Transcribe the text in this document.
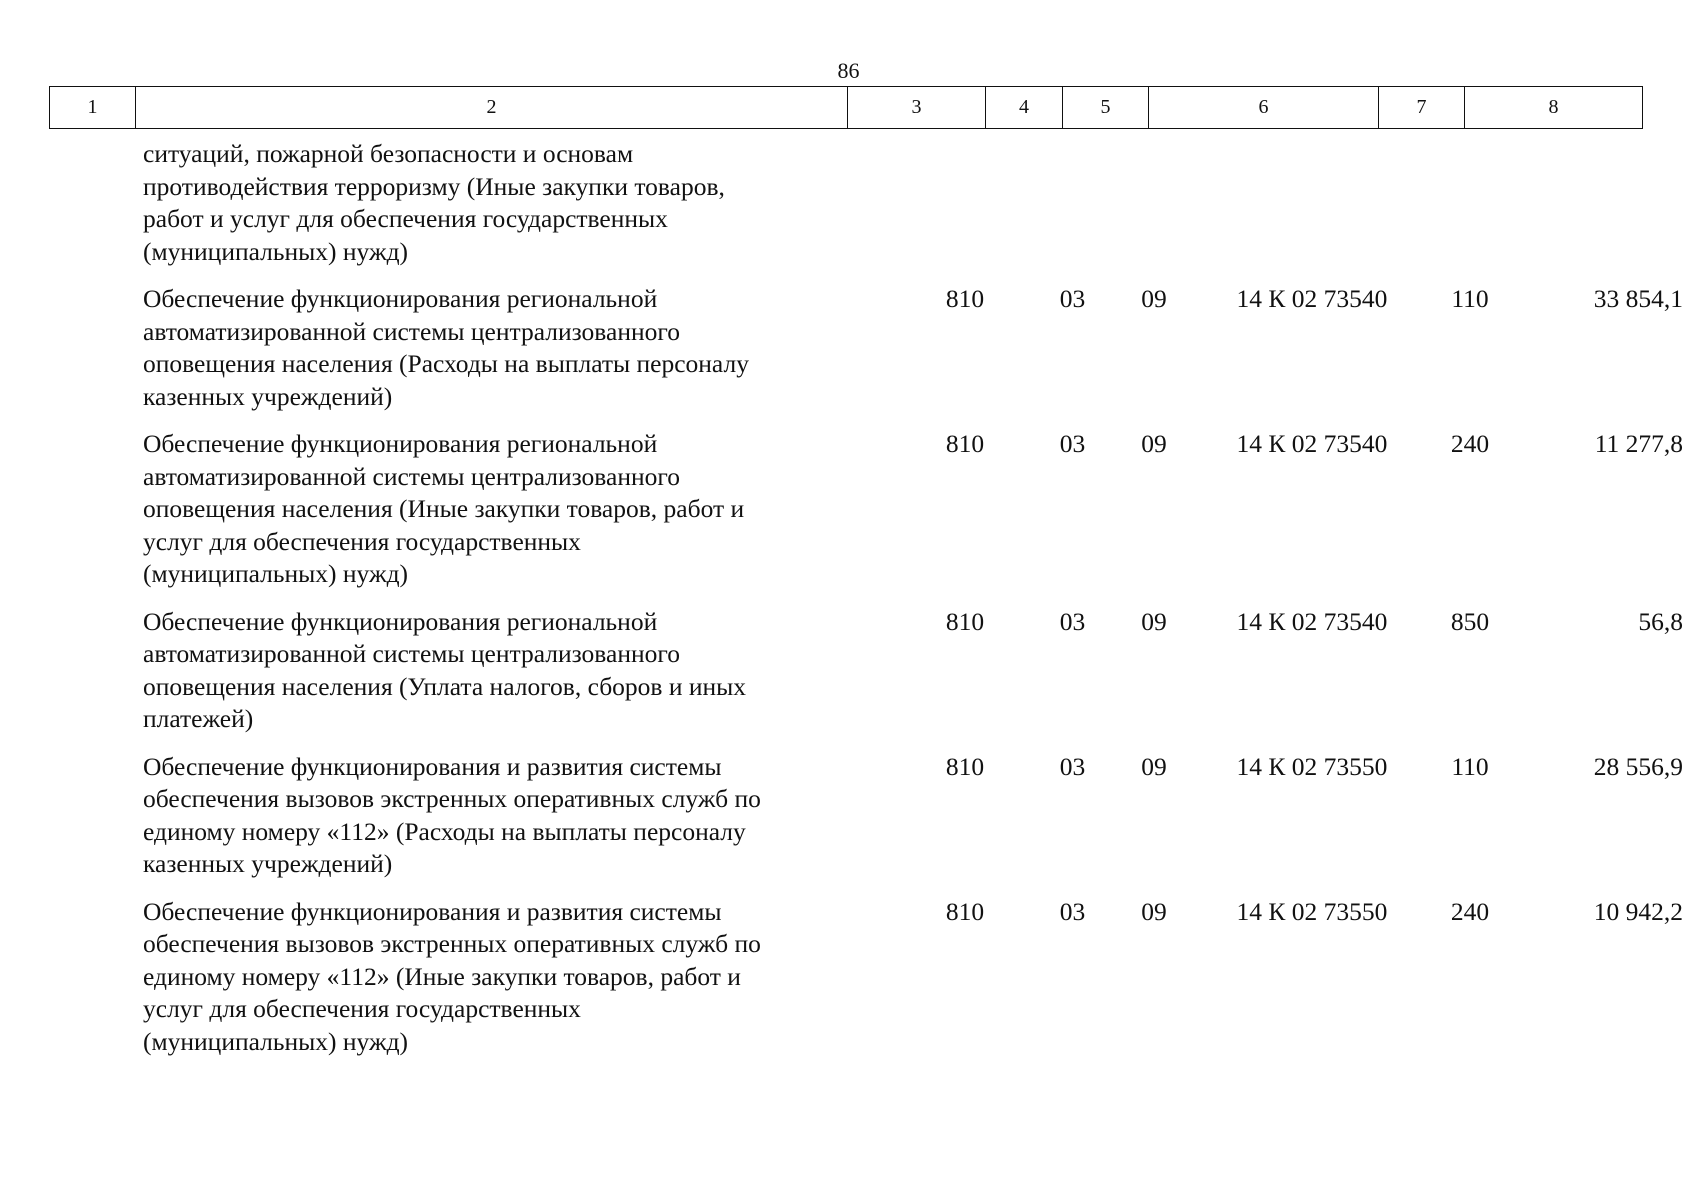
86
1	2	3	4	5	6	7	8
ситуаций, пожарной безопасности и основам
противодействия терроризму (Иные закупки товаров,
работ и услуг для обеспечения государственных
(муниципальных) нужд)
Обеспечение функционирования региональной
автоматизированной системы централизованного
оповещения населения (Расходы на выплаты персоналу
казенных учреждений)
810	03	09	14 К 02 73540	110	33 854,1
Обеспечение функционирования региональной
автоматизированной системы централизованного
оповещения населения (Иные закупки товаров, работ и
услуг для обеспечения государственных
(муниципальных) нужд)
810	03	09	14 К 02 73540	240	11 277,8
Обеспечение функционирования региональной
автоматизированной системы централизованного
оповещения населения (Уплата налогов, сборов и иных
платежей)
810	03	09	14 К 02 73540	850	56,8
Обеспечение функционирования и развития системы
обеспечения вызовов экстренных оперативных служб по
единому номеру «112» (Расходы на выплаты персоналу
казенных учреждений)
810	03	09	14 К 02 73550	110	28 556,9
Обеспечение функционирования и развития системы
обеспечения вызовов экстренных оперативных служб по
единому номеру «112» (Иные закупки товаров, работ и
услуг для обеспечения государственных
(муниципальных) нужд)
810	03	09	14 К 02 73550	240	10 942,2
